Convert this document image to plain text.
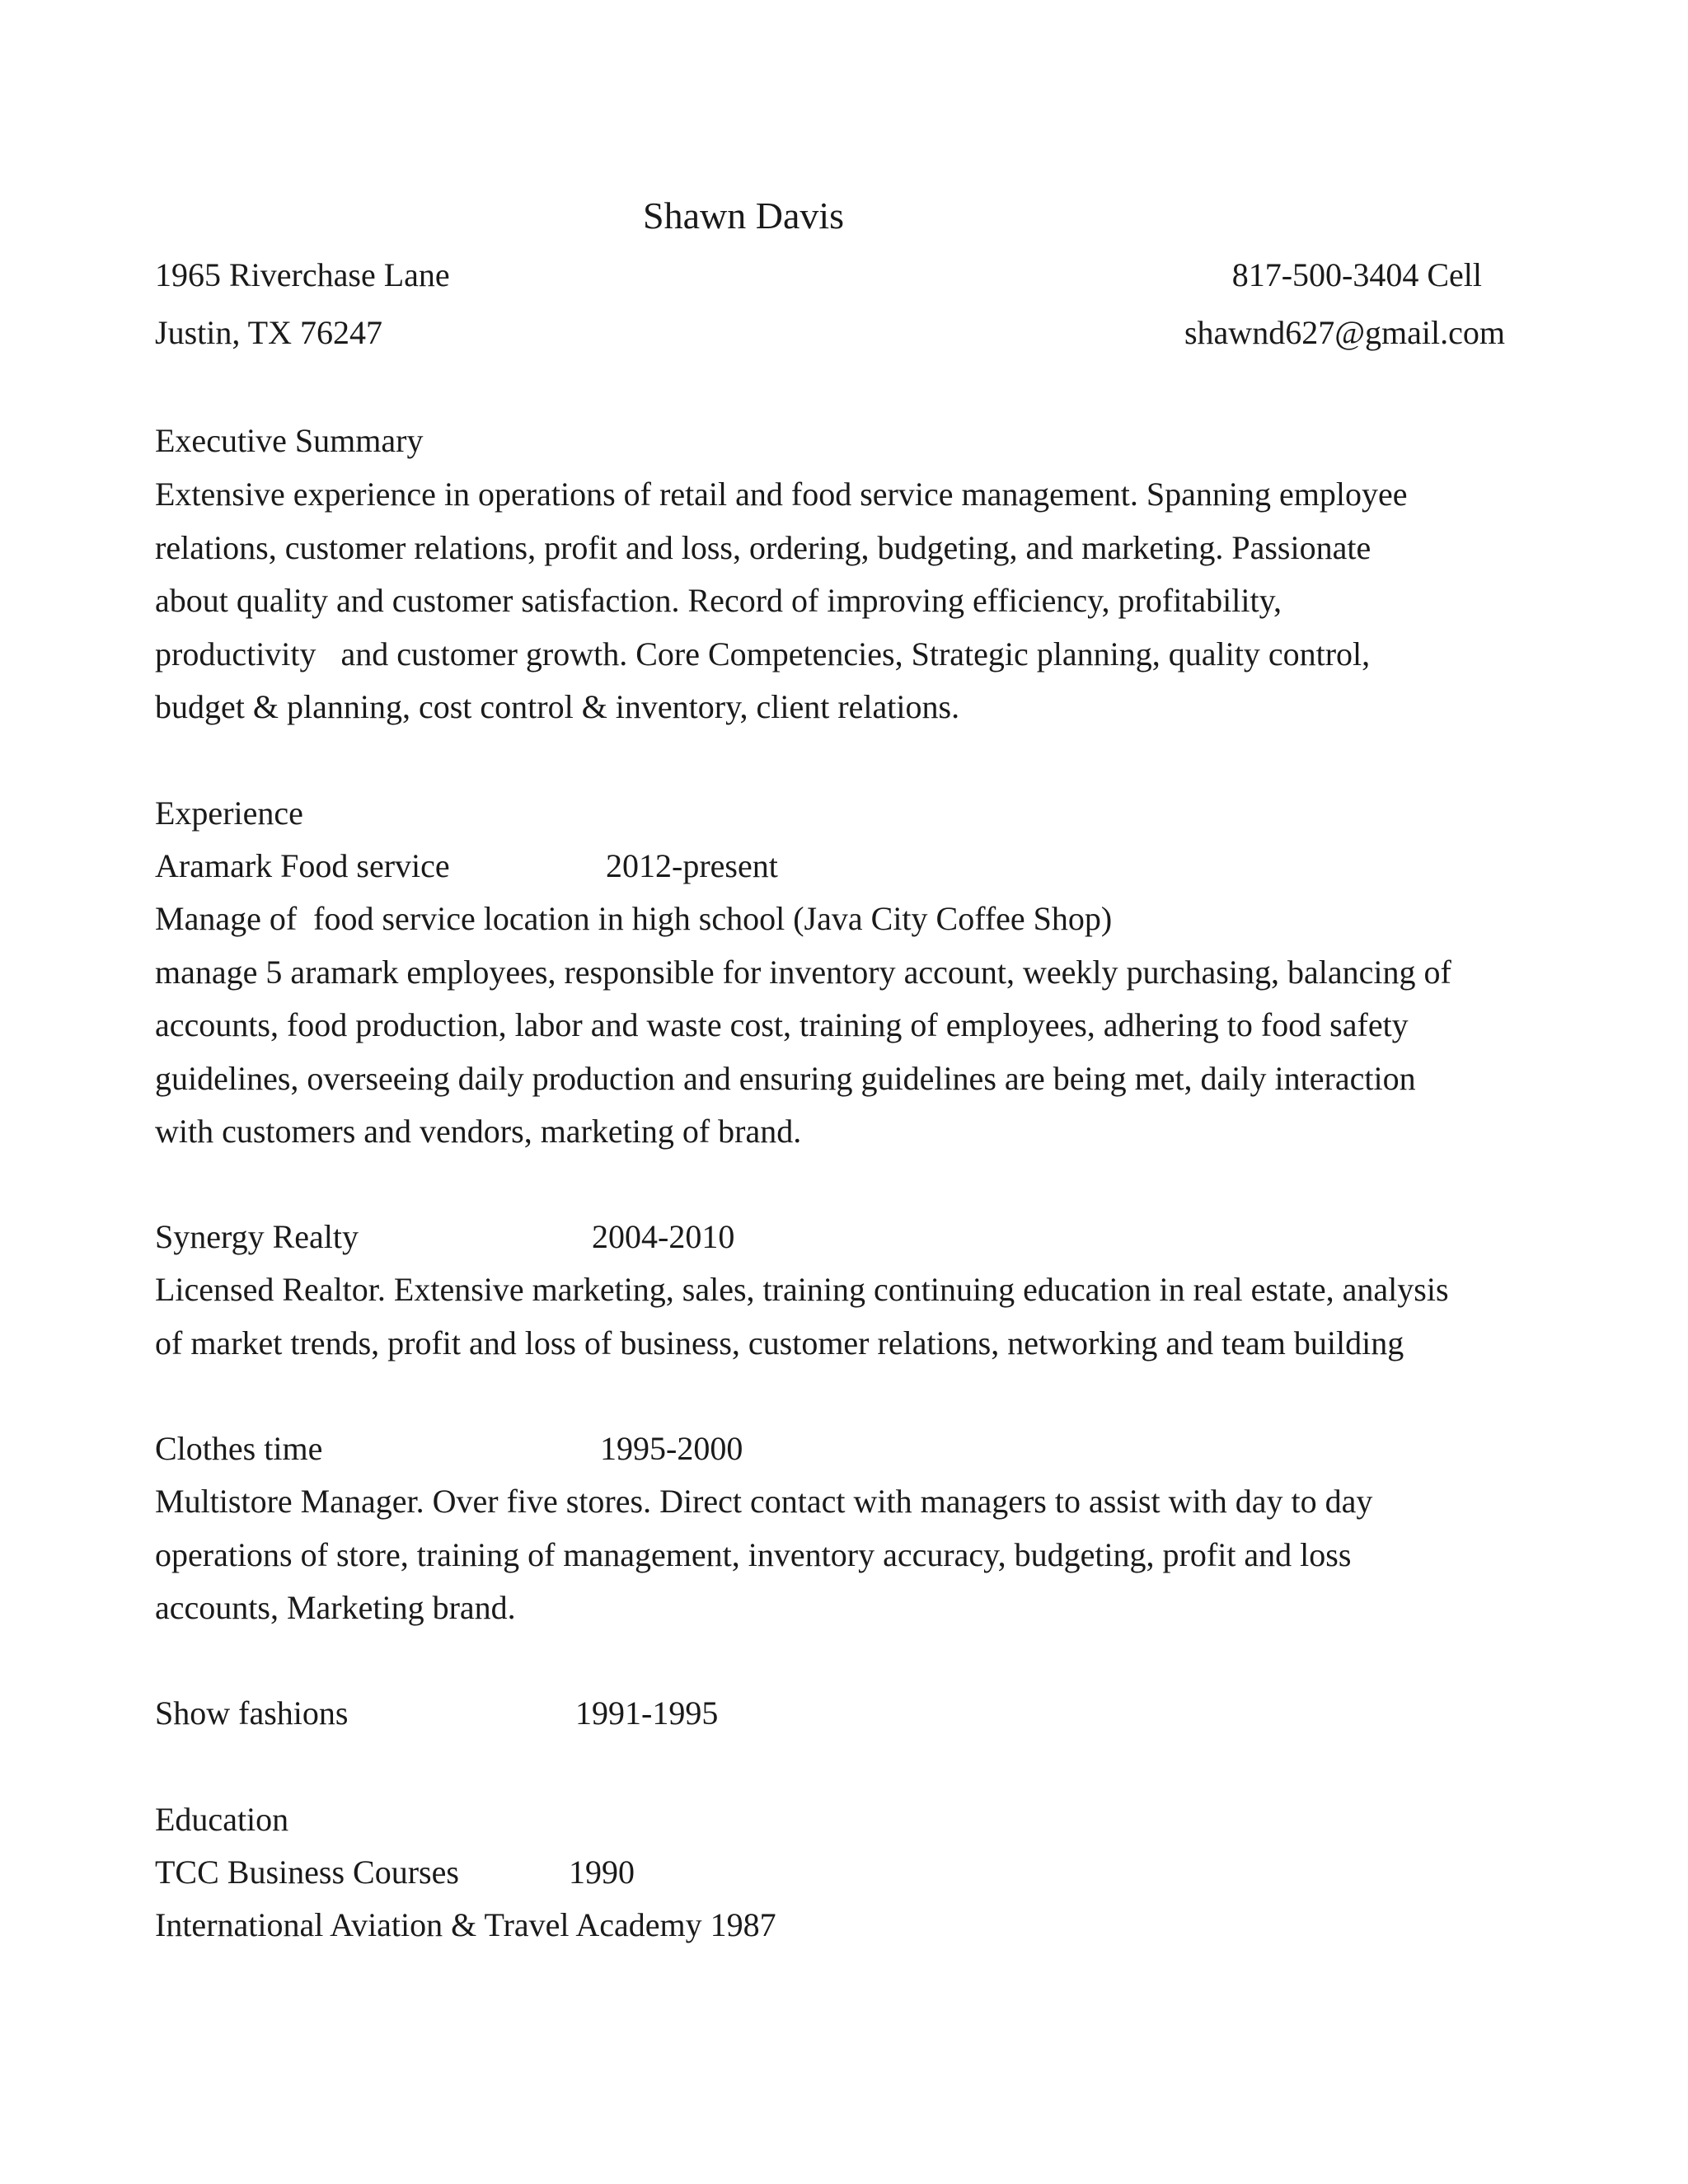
Shawn Davis
1965 Riverchase Lane	817-500-3404 Cell
Justin, TX 76247	shawnd627@gmail.com
Executive Summary
Extensive experience in operations of retail and food service management. Spanning employee
relations, customer relations, profit and loss, ordering, budgeting, and marketing. Passionate
about quality and customer satisfaction. Record of improving efficiency, profitability,
productivity   and customer growth. Core Competencies, Strategic planning, quality control,
budget & planning, cost control & inventory, client relations.
Experience
Aramark Food service	2012-present
Manage of  food service location in high school (Java City Coffee Shop)
manage 5 aramark employees, responsible for inventory account, weekly purchasing, balancing of
accounts, food production, labor and waste cost, training of employees, adhering to food safety
guidelines, overseeing daily production and ensuring guidelines are being met, daily interaction
with customers and vendors, marketing of brand.
Synergy Realty	2004-2010
Licensed Realtor. Extensive marketing, sales, training continuing education in real estate, analysis
of market trends, profit and loss of business, customer relations, networking and team building
Clothes time	1995-2000
Multistore Manager. Over five stores. Direct contact with managers to assist with day to day
operations of store, training of management, inventory accuracy, budgeting, profit and loss
accounts, Marketing brand.
Show fashions	1991-1995
Education
TCC Business Courses	1990
International Aviation & Travel Academy 1987
